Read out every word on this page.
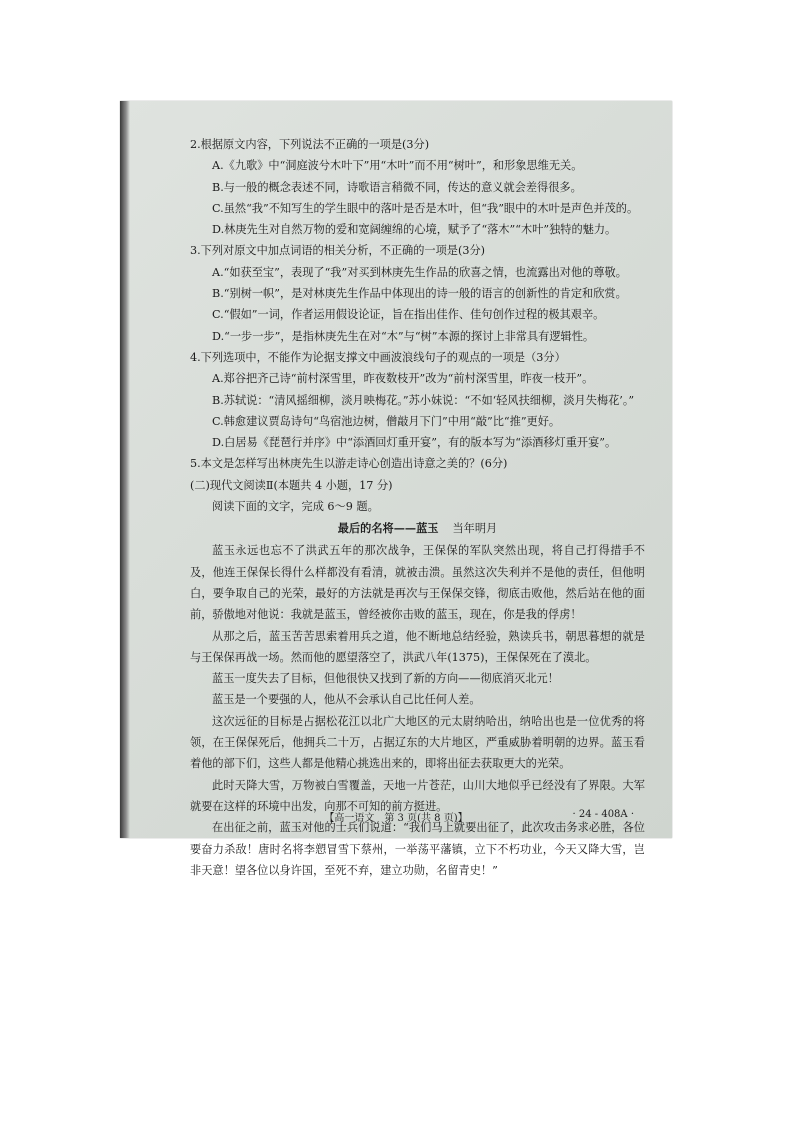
2.根据原文内容，下列说法不正确的一项是(3分)
A.《九歌》中“洞庭波兮木叶下”用“木叶”而不用“树叶”，和形象思维无关。
B.与一般的概念表述不同，诗歌语言稍微不同，传达的意义就会差得很多。
C.虽然“我”不知写生的学生眼中的落叶是否是木叶，但“我”眼中的木叶是声色并茂的。
D.林庚先生对自然万物的爱和宽阔缠绵的心境，赋予了“落木”“木叶”独特的魅力。
3.下列对原文中加点词语的相关分析，不正确的一项是(3分)
A.“如获至宝”，表现了“我”对买到林庚先生作品的欣喜之情，也流露出对他的尊敬。
B.“别树一帜”，是对林庚先生作品中体现出的诗一般的语言的创新性的肯定和欣赏。
C.“假如”一词，作者运用假设论证，旨在指出佳作、佳句创作过程的极其艰辛。
D.“一步一步”，是指林庚先生在对“木”与“树”本源的探讨上非常具有逻辑性。
4.下列选项中，不能作为论据支撑文中画波浪线句子的观点的一项是（3分）
A.郑谷把齐己诗“前村深雪里，昨夜数枝开”改为“前村深雪里，昨夜一枝开”。
B.苏轼说：“清风摇细柳，淡月映梅花。”苏小妹说：“不如‘轻风扶细柳，淡月失梅花’。”
C.韩愈建议贾岛诗句“鸟宿池边树，僧敲月下门”中用“敲”比“推”更好。
D.白居易《琵琶行并序》中“添酒回灯重开宴”，有的版本写为“添酒移灯重开宴”。
5.本文是怎样写出林庚先生以游走诗心创造出诗意之美的？(6分)
(二)现代文阅读Ⅱ(本题共 4 小题，17 分)
阅读下面的文字，完成 6～9 题。
最后的名将——蓝玉 当年明月
蓝玉永远也忘不了洪武五年的那次战争，王保保的军队突然出现，将自己打得措手不及，他连王保保长得什么样都没有看清，就被击溃。虽然这次失利并不是他的责任，但他明白，要争取自己的光荣，最好的方法就是再次与王保保交锋，彻底击败他，然后站在他的面前，骄傲地对他说：我就是蓝玉，曾经被你击败的蓝玉，现在，你是我的俘虏！
从那之后，蓝玉苦苦思索着用兵之道，他不断地总结经验，熟读兵书，朝思暮想的就是与王保保再战一场。然而他的愿望落空了，洪武八年(1375)，王保保死在了漠北。
蓝玉一度失去了目标，但他很快又找到了新的方向——彻底消灭北元！
蓝玉是一个要强的人，他从不会承认自己比任何人差。
这次远征的目标是占据松花江以北广大地区的元太尉纳哈出，纳哈出也是一位优秀的将领，在王保保死后，他拥兵二十万，占据辽东的大片地区，严重威胁着明朝的边界。蓝玉看着他的部下们，这些人都是他精心挑选出来的，即将出征去获取更大的光荣。
此时天降大雪，万物被白雪覆盖，天地一片苍茫，山川大地似乎已经没有了界限。大军就要在这样的环境中出发，向那不可知的前方挺进。
在出征之前，蓝玉对他的士兵们说道：“我们马上就要出征了，此次攻击务求必胜，各位要奋力杀敌！唐时名将李愬冒雪下蔡州，一举荡平藩镇，立下不朽功业，今天又降大雪，岂非天意！望各位以身许国，至死不弃，建立功勋，名留青史！”
【高一语文　第 3 页(共 8 页)】	· 24 - 408A ·
